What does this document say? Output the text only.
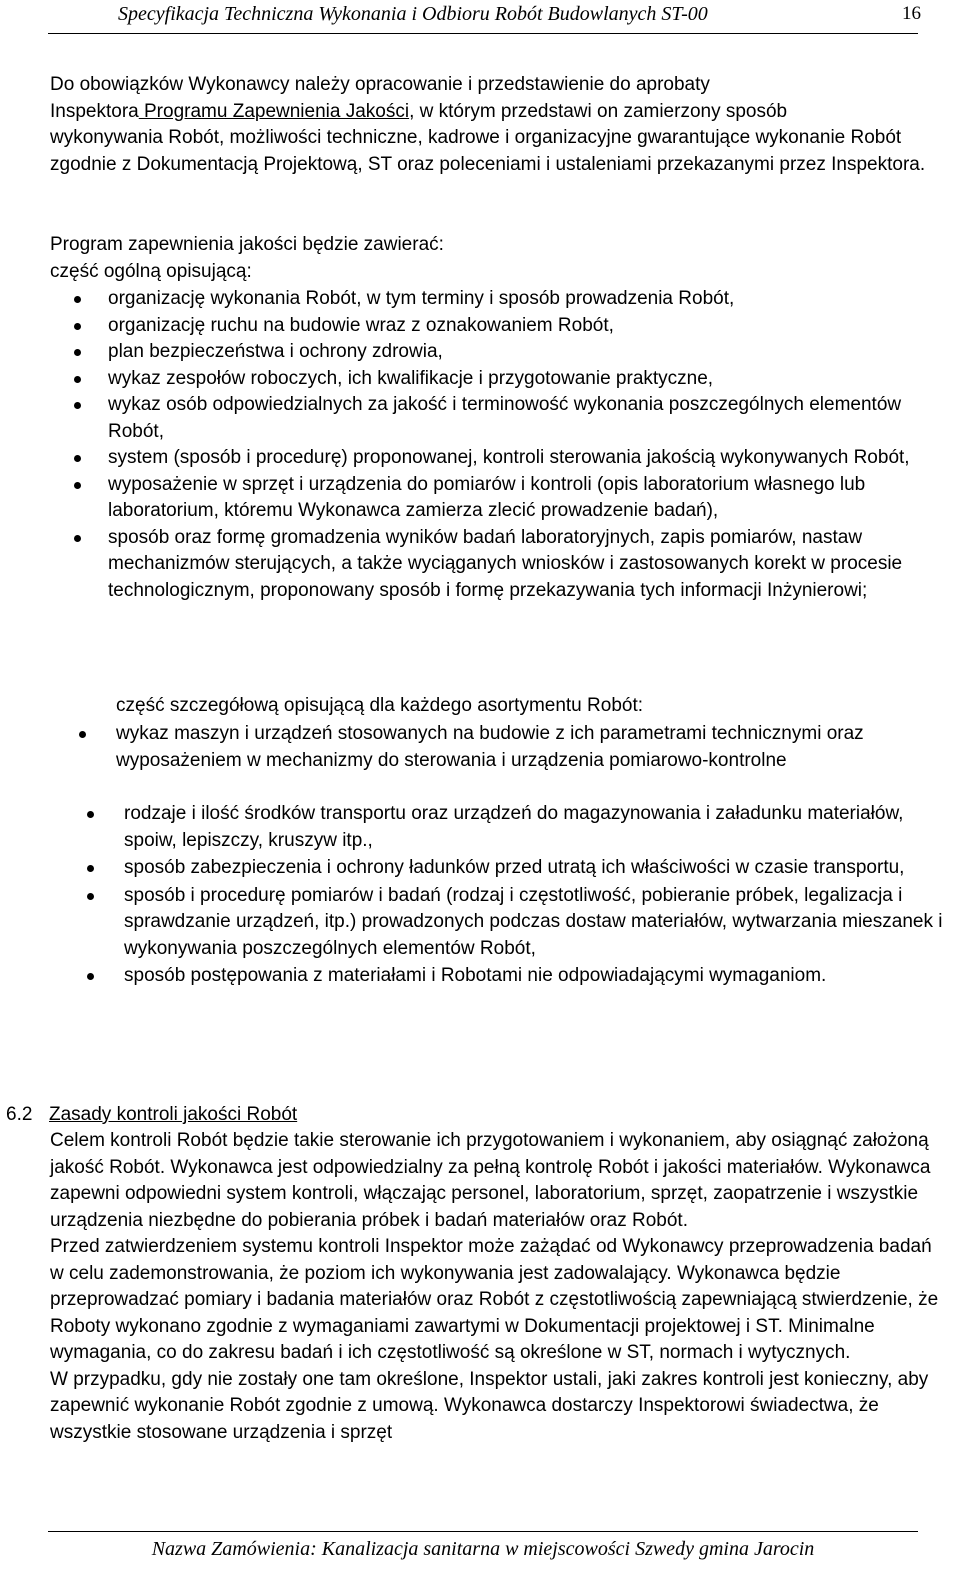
Specyfikacja Techniczna Wykonania i Odbioru Robót Budowlanych ST-00	16

Do obowiązków Wykonawcy należy opracowanie i przedstawienie do aprobaty
Inspektora Programu Zapewnienia Jakości, w którym przedstawi on zamierzony sposób
wykonywania Robót, możliwości techniczne, kadrowe i organizacyjne gwarantujące wykonanie Robót zgodnie z Dokumentacją Projektową, ST oraz poleceniami i ustaleniami przekazanymi przez Inspektora.

Program zapewnienia jakości będzie zawierać:
część ogólną opisującą:

organizację wykonania Robót, w tym terminy i sposób prowadzenia Robót,
organizację ruchu na budowie wraz z oznakowaniem Robót,
plan bezpieczeństwa i ochrony zdrowia,
wykaz zespołów roboczych, ich kwalifikacje i przygotowanie praktyczne,
wykaz osób odpowiedzialnych za jakość i terminowość wykonania poszczególnych elementów Robót,
system (sposób i procedurę) proponowanej, kontroli sterowania jakością wykonywanych Robót,
wyposażenie w sprzęt i urządzenia do pomiarów i kontroli (opis laboratorium własnego lub laboratorium, któremu Wykonawca zamierza zlecić prowadzenie badań),
sposób oraz formę gromadzenia wyników badań laboratoryjnych, zapis pomiarów, nastaw mechanizmów sterujących, a także wyciąganych wniosków i zastosowanych korekt w procesie technologicznym, proponowany sposób i formę przekazywania tych informacji Inżynierowi;
część szczegółową opisującą dla każdego asortymentu Robót:
wykaz maszyn i urządzeń stosowanych na budowie z ich parametrami technicznymi oraz wyposażeniem w mechanizmy do sterowania i urządzenia pomiarowo-kontrolne
rodzaje i ilość środków transportu oraz urządzeń do magazynowania i załadunku materiałów, spoiw, lepiszczy, kruszyw itp.,
sposób zabezpieczenia i ochrony ładunków przed utratą ich właściwości w czasie transportu,
sposób i procedurę pomiarów i badań (rodzaj i częstotliwość, pobieranie próbek, legalizacja i sprawdzanie urządzeń, itp.) prowadzonych podczas dostaw materiałów, wytwarzania mieszanek i wykonywania poszczególnych elementów Robót,
sposób postępowania z materiałami i Robotami nie odpowiadającymi wymaganiom.
6.2 Zasady kontroli jakości Robót
Celem kontroli Robót będzie takie sterowanie ich przygotowaniem i wykonaniem, aby osiągnąć założoną jakość Robót. Wykonawca jest odpowiedzialny za pełną kontrolę Robót i jakości materiałów. Wykonawca zapewni odpowiedni system kontroli, włączając personel, laboratorium, sprzęt, zaopatrzenie i wszystkie urządzenia niezbędne do pobierania próbek i badań materiałów oraz Robót.
Przed zatwierdzeniem systemu kontroli Inspektor może zażądać od Wykonawcy przeprowadzenia badań w celu zademonstrowania, że poziom ich wykonywania jest zadowalający. Wykonawca będzie przeprowadzać pomiary i badania materiałów oraz Robót z częstotliwością zapewniającą stwierdzenie, że Roboty wykonano zgodnie z wymaganiami zawartymi w Dokumentacji projektowej i ST. Minimalne wymagania, co do zakresu badań i ich częstotliwość są określone w ST, normach i wytycznych.
W przypadku, gdy nie zostały one tam określone, Inspektor ustali, jaki zakres kontroli jest konieczny, aby zapewnić wykonanie Robót zgodnie z umową. Wykonawca dostarczy Inspektorowi świadectwa, że wszystkie stosowane urządzenia i sprzęt
Nazwa Zamówienia: Kanalizacja sanitarna w miejscowości Szwedy gmina Jarocin
